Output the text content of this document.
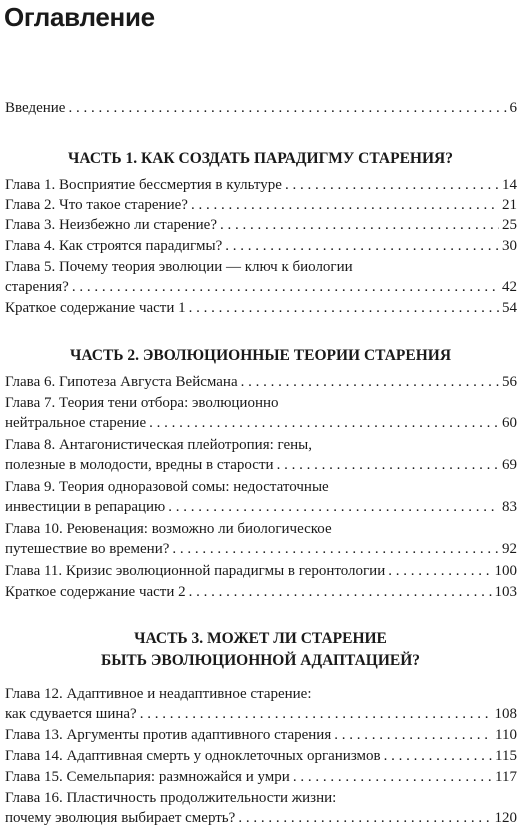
Оглавление
Введение . . .	6
ЧАСТЬ 1. КАК СОЗДАТЬ ПАРАДИГМУ СТАРЕНИЯ?
Глава 1. Восприятие бессмертия в культуре . . .	14
Глава 2. Что такое старение? . . .	21
Глава 3. Неизбежно ли старение? . . .	25
Глава 4. Как строятся парадигмы? . . .	30
Глава 5. Почему теория эволюции — ключ к биологии
старения? . . .	42
Краткое содержание части 1 . . .	54
ЧАСТЬ 2. ЭВОЛЮЦИОННЫЕ ТЕОРИИ СТАРЕНИЯ
Глава 6. Гипотеза Августа Вейсмана . . .	56
Глава 7. Теория тени отбора: эволюционно
нейтральное старение . . .	60
Глава 8. Антагонистическая плейотропия: гены,
полезные в молодости, вредны в старости . . .	69
Глава 9. Теория одноразовой сомы: недостаточные
инвестиции в репарацию . . .	83
Глава 10. Реювенация: возможно ли биологическое
путешествие во времени? . . .	92
Глава 11. Кризис эволюционной парадигмы в геронтологии . . .	100
Краткое содержание части 2 . . .	103
ЧАСТЬ 3. МОЖЕТ ЛИ СТАРЕНИЕ
БЫТЬ ЭВОЛЮЦИОННОЙ АДАПТАЦИЕЙ?
Глава 12. Адаптивное и неадаптивное старение:
как сдувается шина? . . .	108
Глава 13. Аргументы против адаптивного старения . . .	110
Глава 14. Адаптивная смерть у одноклеточных организмов . . .	115
Глава 15. Семельпария: размножайся и умри . . .	117
Глава 16. Пластичность продолжительности жизни:
почему эволюция выбирает смерть? . . .	120
